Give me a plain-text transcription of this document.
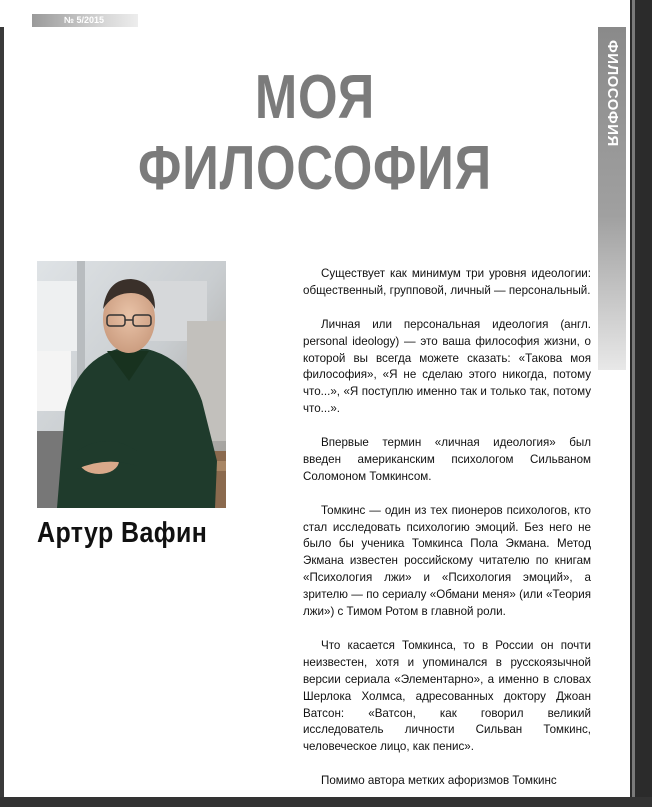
№ 5/2015
ФИЛОСОФИЯ
МОЯ ФИЛОСОФИЯ
Артур Вафин

Существует как минимум три уровня идеологии: общественный, групповой, личный — персональный.

Личная или персональная идеология (англ. personal ideology) — это ваша философия жизни, о которой вы всегда можете сказать: «Такова моя философия», «Я не сделаю этого никогда, потому что...», «Я поступлю именно так и только так, потому что...».

Впервые термин «личная идеология» был введен американским психологом Сильваном Соломоном Томкинсом.

Томкинс — один из тех пионеров психологов, кто стал исследовать психологию эмоций. Без него не было бы ученика Томкинса Пола Экмана. Метод Экмана известен российскому читателю по книгам «Психология лжи» и «Психология эмоций», а зрителю — по сериалу «Обмани меня» (или «Теория лжи») с Тимом Ротом в главной роли.

Что касается Томкинса, то в России он почти неизвестен, хотя и упоминался в русскоязычной версии сериала «Элементарно», а именно в словах Шерлока Холмса, адресованных доктору Джоан Ватсон: «Ватсон, как говорил великий исследователь личности Сильван Томкинс, человеческое лицо, как пенис».

Помимо автора метких афоризмов Томкинс
